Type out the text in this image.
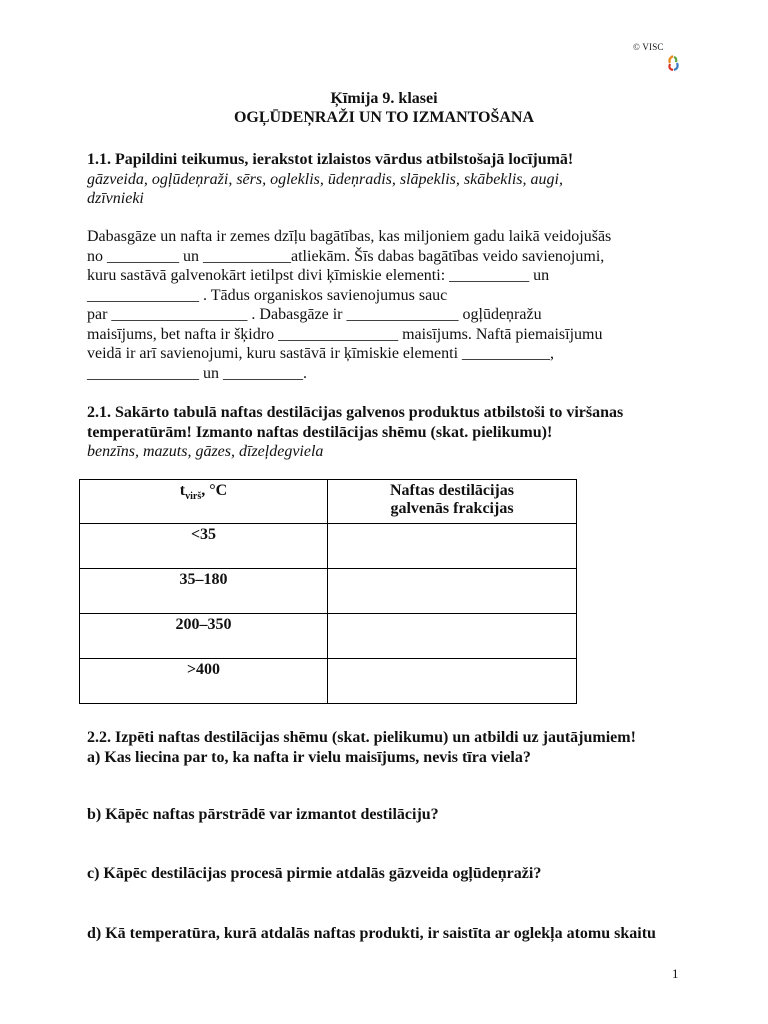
© VISC
Ķīmija 9. klasei
OGĻŪDEŅRAŽI UN TO IZMANTOŠANA
1.1. Papildini teikumus, ierakstot izlaistos vārdus atbilstošajā locījumā!
gāzveida, ogļūdeņraži, sērs, ogleklis, ūdeņradis, slāpeklis, skābeklis, augi,
dzīvnieki
Dabasgāze un nafta ir zemes dzīļu bagātības, kas miljoniem gadu laikā veidojušās
no _________ un ___________atliekām. Šīs dabas bagātības veido savienojumi,
kuru sastāvā galvenokārt ietilpst divi ķīmiskie elementi: __________ un
______________ . Tādus organiskos savienojumus sauc
par _________________ . Dabasgāze ir ______________ ogļūdeņražu
maisījums, bet nafta ir šķidro _______________ maisījums. Naftā piemaisījumu
veidā ir arī savienojumi, kuru sastāvā ir ķīmiskie elementi ___________,
______________ un __________.
2.1. Sakārto tabulā naftas destilācijas galvenos produktus atbilstoši to viršanas
temperatūrām! Izmanto naftas destilācijas shēmu (skat. pielikumu)!
benzīns, mazuts, gāzes, dīzeļdegviela
$t_{virš}$, °C	Naftas destilācijas
galvenās frakcijas
<35	
35–180	
200–350	
>400	
2.2. Izpēti naftas destilācijas shēmu (skat. pielikumu) un atbildi uz jautājumiem!
a) Kas liecina par to, ka nafta ir vielu maisījums, nevis tīra viela?
b) Kāpēc naftas pārstrādē var izmantot destilāciju?
c) Kāpēc destilācijas procesā pirmie atdalās gāzveida ogļūdeņraži?
d) Kā temperatūra, kurā atdalās naftas produkti, ir saistīta ar oglekļa atomu skaitu
1
